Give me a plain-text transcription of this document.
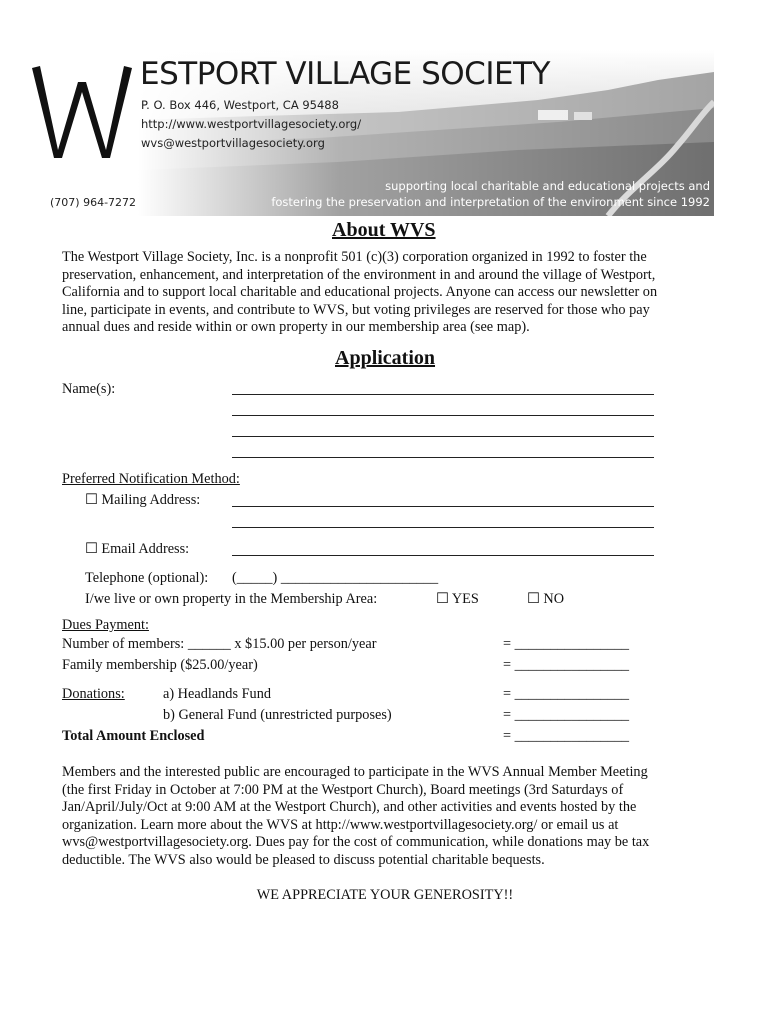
ESTPORT VILLAGE SOCIETY
P. O. Box 446, Westport, CA 95488
http://www.westportvillagesociety.org/
wvs@westportvillagesociety.org
(707) 964-7272
supporting local charitable and educational projects and
fostering the preservation and interpretation of the environment since 1992
About WVS
The Westport Village Society, Inc. is a nonprofit 501 (c)(3) corporation organized in 1992 to foster the
preservation, enhancement, and interpretation of the environment in and around the village of Westport,
California and to support local charitable and educational projects. Anyone can access our newsletter on
line, participate in events, and contribute to WVS, but voting privileges are reserved for those who pay
annual dues and reside within or own property in our membership area (see map).
Application
Name(s):
Preferred Notification Method:
☐ Mailing Address:
☐ Email Address:
Telephone (optional): (_____) ______________________
I/we live or own property in the Membership Area:	☐ YES	☐ NO
Dues Payment:
Number of members: ______ x $15.00 per person/year	= ________________
Family membership ($25.00/year)	= ________________
Donations:	a) Headlands Fund	= ________________
b) General Fund (unrestricted purposes)	= ________________
Total Amount Enclosed	= ________________
Members and the interested public are encouraged to participate in the WVS Annual Member Meeting
(the first Friday in October at 7:00 PM at the Westport Church), Board meetings (3rd Saturdays of
Jan/April/July/Oct at 9:00 AM at the Westport Church), and other activities and events hosted by the
organization. Learn more about the WVS at http://www.westportvillagesociety.org/ or email us at
wvs@westportvillagesociety.org. Dues pay for the cost of communication, while donations may be tax
deductible. The WVS also would be pleased to discuss potential charitable bequests.
WE APPRECIATE YOUR GENEROSITY!!
